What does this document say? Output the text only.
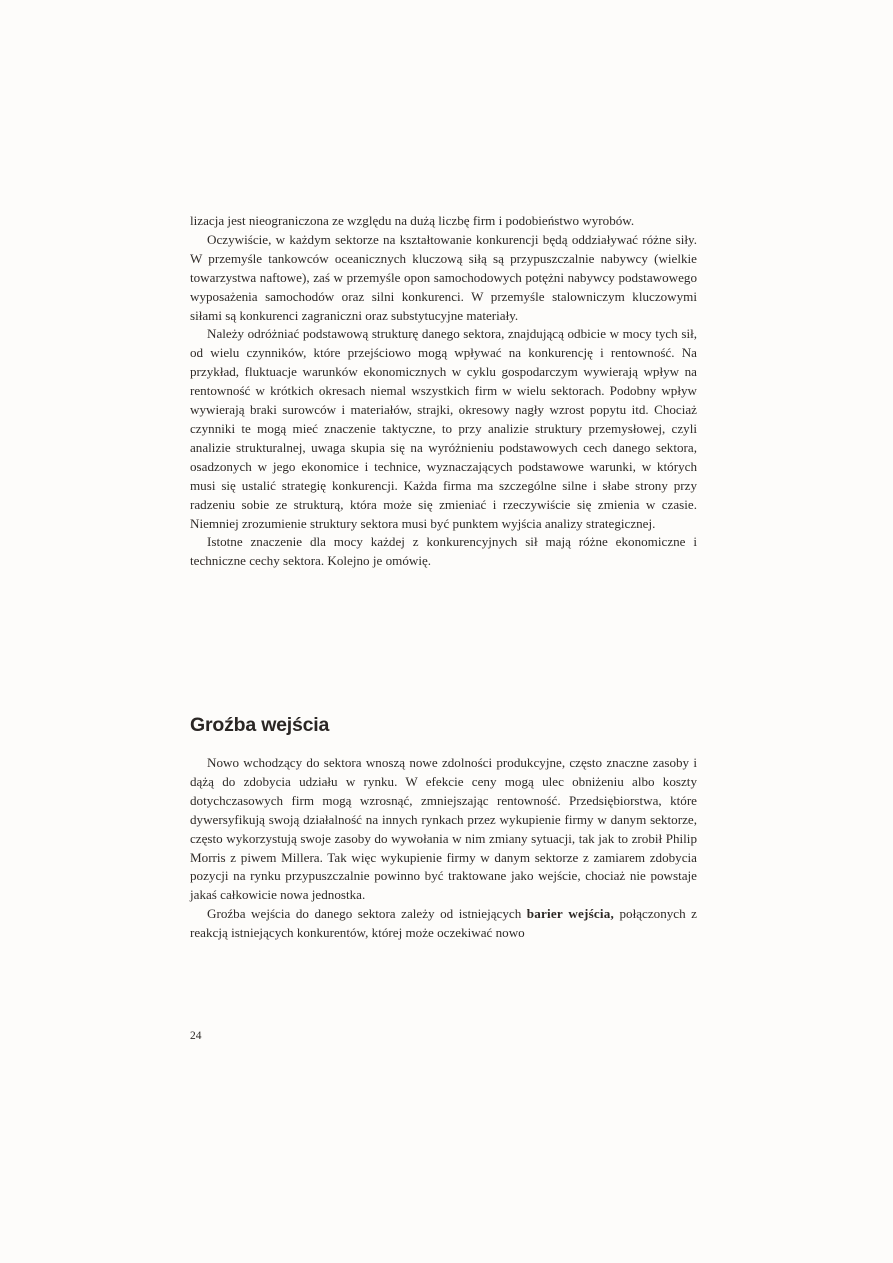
lizacja jest nieograniczona ze względu na dużą liczbę firm i podobieństwo wyrobów.

Oczywiście, w każdym sektorze na kształtowanie konkurencji będą oddziaływać różne siły. W przemyśle tankowców oceanicznych kluczową siłą są przypuszczalnie nabywcy (wielkie towarzystwa naftowe), zaś w przemyśle opon samochodowych potężni nabywcy podstawowego wyposażenia samochodów oraz silni konkurenci. W przemyśle stalowniczym kluczowymi siłami są konkurenci zagraniczni oraz substytucyjne materiały.

Należy odróżniać podstawową strukturę danego sektora, znajdującą odbicie w mocy tych sił, od wielu czynników, które przejściowo mogą wpływać na konkurencję i rentowność. Na przykład, fluktuacje warunków ekonomicznych w cyklu gospodarczym wywierają wpływ na rentowność w krótkich okresach niemal wszystkich firm w wielu sektorach. Podobny wpływ wywierają braki surowców i materiałów, strajki, okresowy nagły wzrost popytu itd. Chociaż czynniki te mogą mieć znaczenie taktyczne, to przy analizie struktury przemysłowej, czyli analizie strukturalnej, uwaga skupia się na wyróżnieniu podstawowych cech danego sektora, osadzonych w jego ekonomice i technice, wyznaczających podstawowe warunki, w których musi się ustalić strategię konkurencji. Każda firma ma szczególne silne i słabe strony przy radzeniu sobie ze strukturą, która może się zmieniać i rzeczywiście się zmienia w czasie. Niemniej zrozumienie struktury sektora musi być punktem wyjścia analizy strategicznej.

Istotne znaczenie dla mocy każdej z konkurencyjnych sił mają różne ekonomiczne i techniczne cechy sektora. Kolejno je omówię.

Groźba wejścia

Nowo wchodzący do sektora wnoszą nowe zdolności produkcyjne, często znaczne zasoby i dążą do zdobycia udziału w rynku. W efekcie ceny mogą ulec obniżeniu albo koszty dotychczasowych firm mogą wzrosnąć, zmniejszając rentowność. Przedsiębiorstwa, które dywersyfikują swoją działalność na innych rynkach przez wykupienie firmy w danym sektorze, często wykorzystują swoje zasoby do wywołania w nim zmiany sytuacji, tak jak to zrobił Philip Morris z piwem Millera. Tak więc wykupienie firmy w danym sektorze z zamiarem zdobycia pozycji na rynku przypuszczalnie powinno być traktowane jako wejście, chociaż nie powstaje jakaś całkowicie nowa jednostka.

Groźba wejścia do danego sektora zależy od istniejących barier wejścia, połączonych z reakcją istniejących konkurentów, której może oczekiwać nowo

24
